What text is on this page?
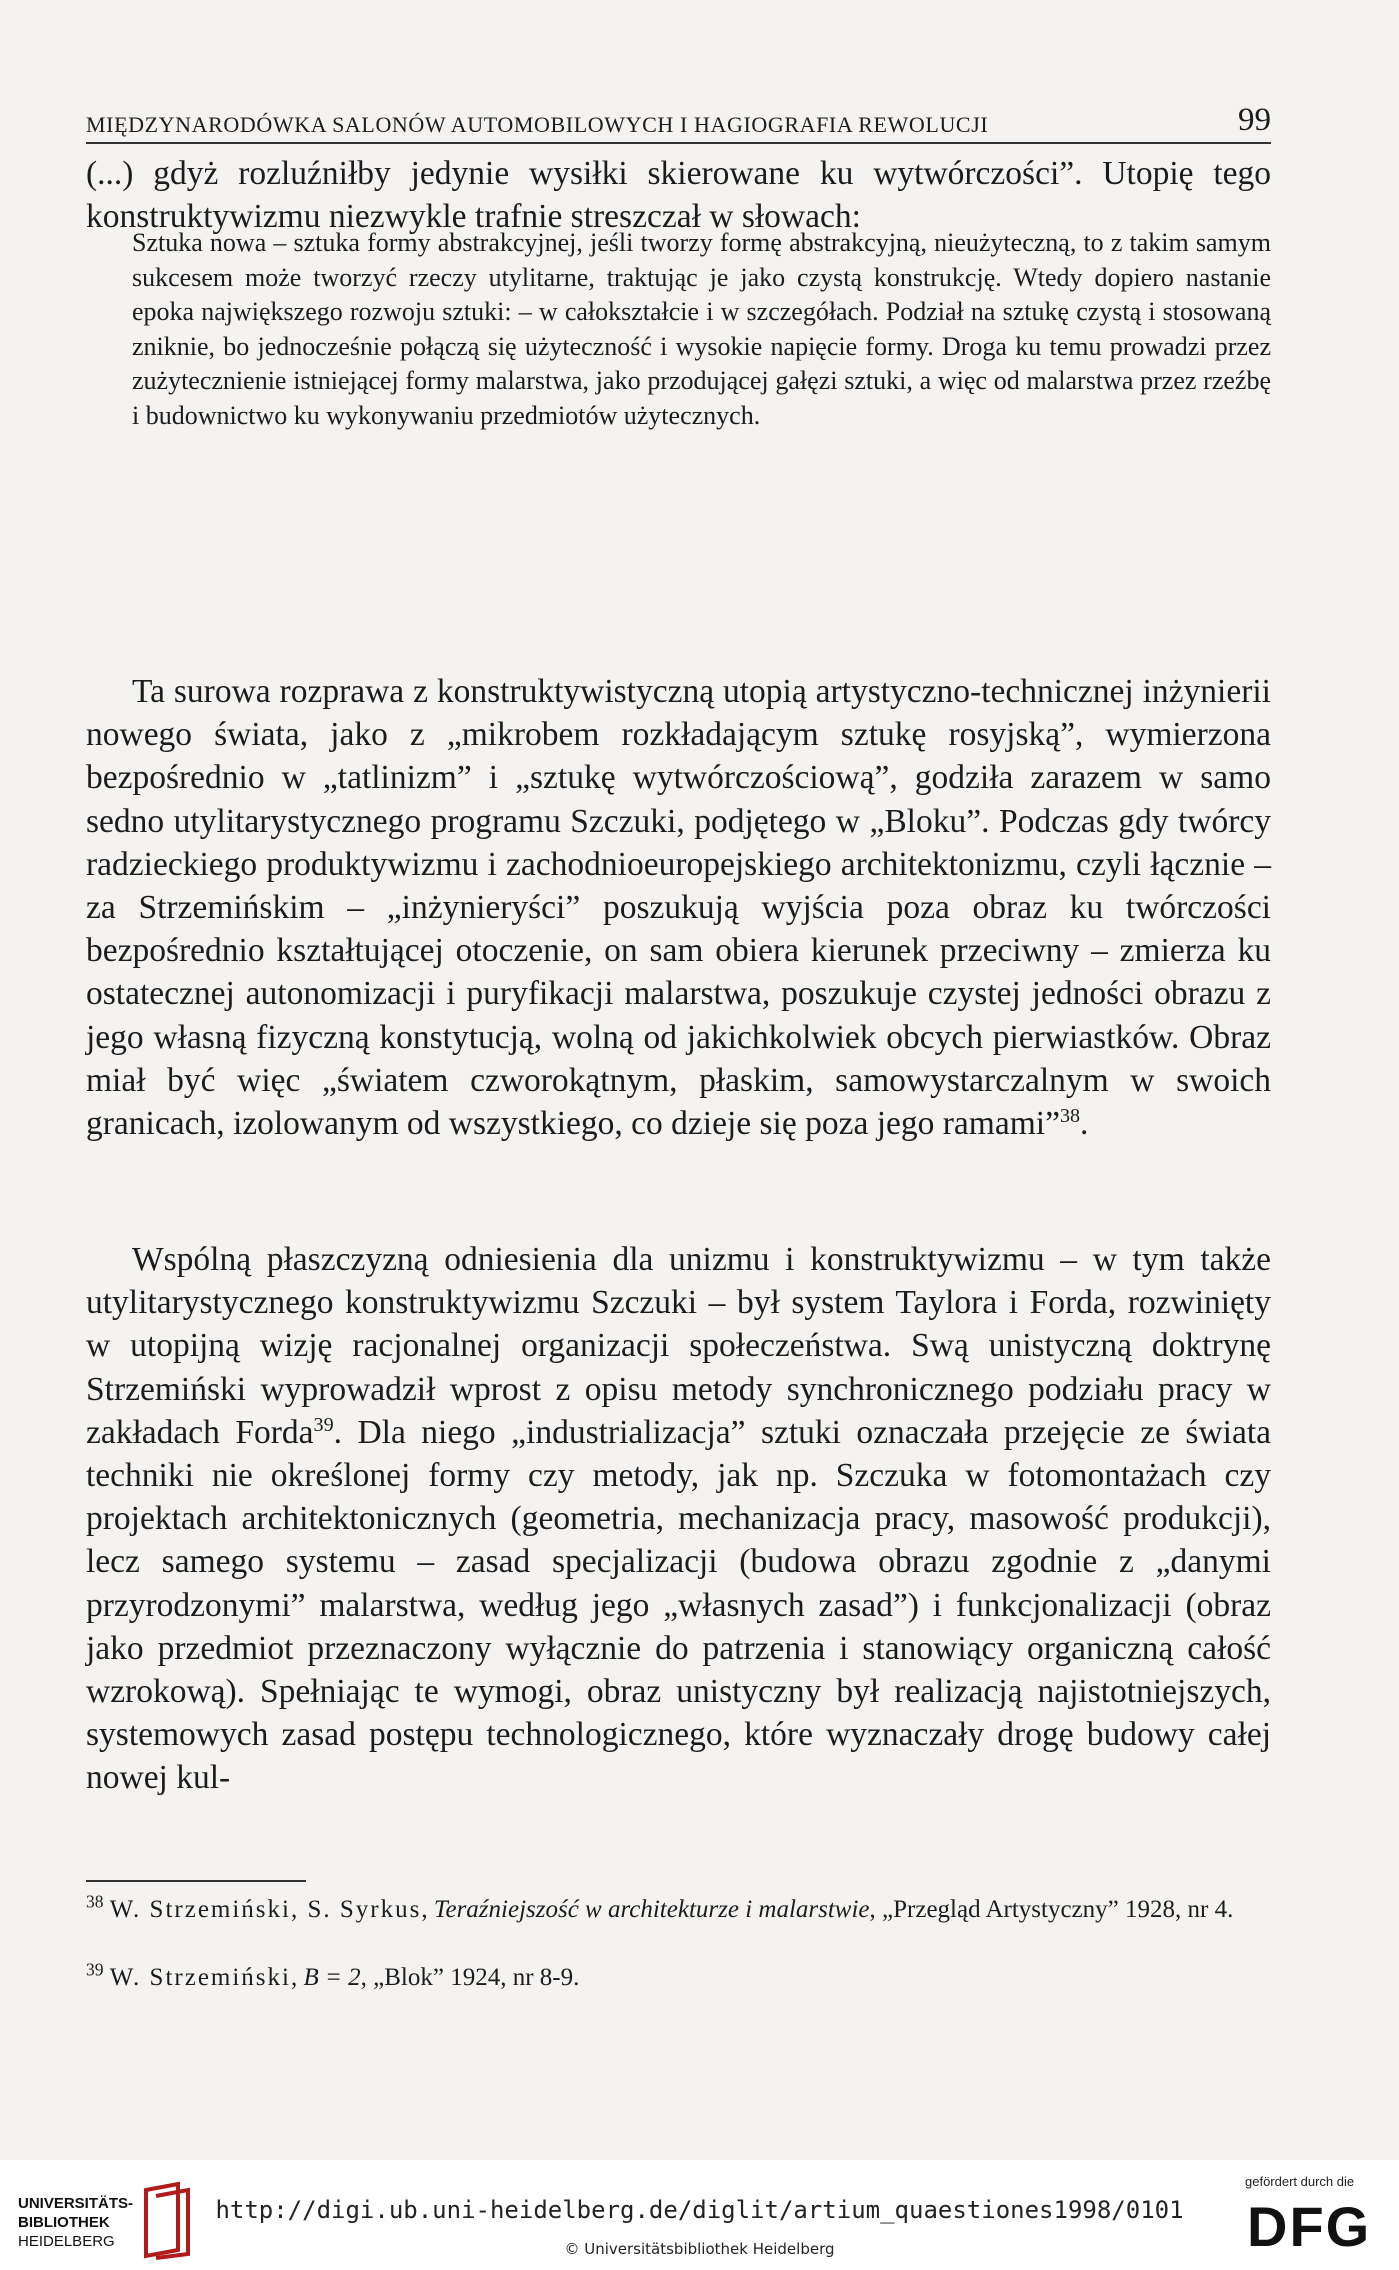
MIĘDZYNARODÓWKA SALONÓW AUTOMOBILOWYCH I HAGIOGRAFIA REWOLUCJI	99

(...) gdyż rozluźniłby jedynie wysiłki skierowane ku wytwórczości”. Utopię tego konstruktywizmu niezwykle trafnie streszczał w słowach:

Sztuka nowa – sztuka formy abstrakcyjnej, jeśli tworzy formę abstrakcyjną, nieużyteczną, to z takim samym sukcesem może tworzyć rzeczy utylitarne, traktując je jako czystą konstrukcję. Wtedy dopiero nastanie epoka największego rozwoju sztuki: – w całokształcie i w szczegółach. Podział na sztukę czystą i stosowaną zniknie, bo jednocześnie połączą się użyteczność i wysokie napięcie formy. Droga ku temu prowadzi przez zużytecznienie istniejącej formy malarstwa, jako przodującej gałęzi sztuki, a więc od malarstwa przez rzeźbę i budownictwo ku wykonywaniu przedmiotów użytecznych.

Ta surowa rozprawa z konstruktywistyczną utopią artystyczno-technicznej inżynierii nowego świata, jako z „mikrobem rozkładającym sztukę rosyjską”, wymierzona bezpośrednio w „tatlinizm” i „sztukę wytwórczościową”, godziła zarazem w samo sedno utylitarystycznego programu Szczuki, podjętego w „Bloku”. Podczas gdy twórcy radzieckiego produktywizmu i zachodnioeuropejskiego architektonizmu, czyli łącznie – za Strzemińskim – „inżynieryści” poszukują wyjścia poza obraz ku twórczości bezpośrednio kształtującej otoczenie, on sam obiera kierunek przeciwny – zmierza ku ostatecznej autonomizacji i puryfikacji malarstwa, poszukuje czystej jedności obrazu z jego własną fizyczną konstytucją, wolną od jakichkolwiek obcych pierwiastków. Obraz miał być więc „światem czworokątnym, płaskim, samowystarczalnym w swoich granicach, izolowanym od wszystkiego, co dzieje się poza jego ramami”$^{38}$.

Wspólną płaszczyzną odniesienia dla unizmu i konstruktywizmu – w tym także utylitarystycznego konstruktywizmu Szczuki – był system Taylora i Forda, rozwinięty w utopijną wizję racjonalnej organizacji społeczeństwa. Swą unistyczną doktrynę Strzemiński wyprowadził wprost z opisu metody synchronicznego podziału pracy w zakładach Forda$^{39}$. Dla niego „industrializacja” sztuki oznaczała przejęcie ze świata techniki nie określonej formy czy metody, jak np. Szczuka w fotomontażach czy projektach architektonicznych (geometria, mechanizacja pracy, masowość produkcji), lecz samego systemu – zasad specjalizacji (budowa obrazu zgodnie z „danymi przyrodzonymi” malarstwa, według jego „własnych zasad”) i funkcjonalizacji (obraz jako przedmiot przeznaczony wyłącznie do patrzenia i stanowiący organiczną całość wzrokową). Spełniając te wymogi, obraz unistyczny był realizacją najistotniejszych, systemowych zasad postępu technologicznego, które wyznaczały drogę budowy całej nowej kul-

$^{38}$ W. Strzemiński, S. Syrkus, Teraźniejszość w architekturze i malarstwie, „Przegląd Artystyczny” 1928, nr 4.
$^{39}$ W. Strzemiński, B = 2, „Blok” 1924, nr 8-9.
UNIVERSITÄTS-
BIBLIOTHEK
HEIDELBERG
http://digi.ub.uni-heidelberg.de/diglit/artium_quaestiones1998/0101
© Universitätsbibliothek Heidelberg
gefördert durch die
DFG
